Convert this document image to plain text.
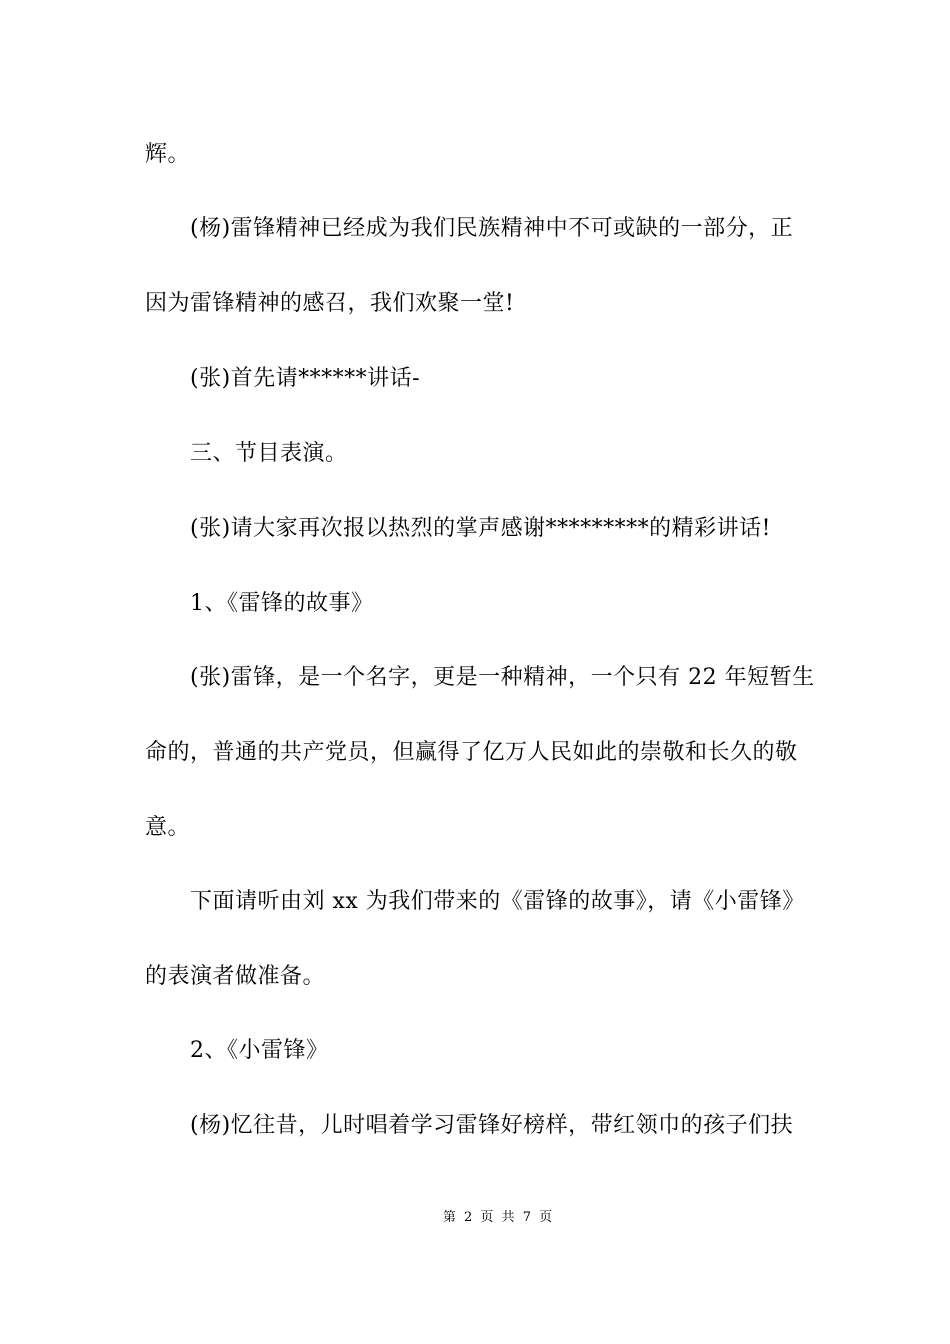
辉。
(杨)雷锋精神已经成为我们民族精神中不可或缺的一部分，正
因为雷锋精神的感召，我们欢聚一堂!
(张)首先请******讲话-
三、节目表演。
(张)请大家再次报以热烈的掌声感谢*********的精彩讲话!
1、《雷锋的故事》
(张)雷锋，是一个名字，更是一种精神，一个只有 22 年短暂生
命的，普通的共产党员，但赢得了亿万人民如此的崇敬和长久的敬
意。
下面请听由刘 xx 为我们带来的《雷锋的故事》，请《小雷锋》
的表演者做准备。
2、《小雷锋》
(杨)忆往昔，儿时唱着学习雷锋好榜样，带红领巾的孩子们扶
第 2 页 共 7 页
